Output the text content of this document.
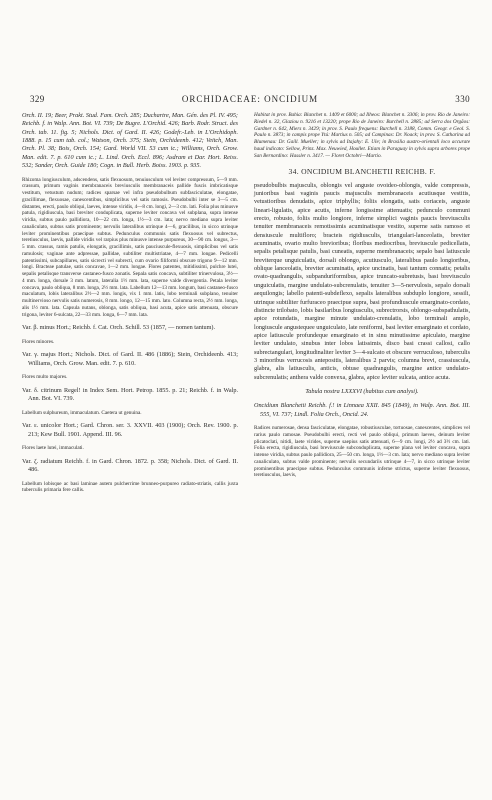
329	ORCHIDACEAE: ONCIDIUM	330

Orch. II. 19; Beer, Prakt. Stud. Fam. Orch. 285; Duchartre, Man. Gén. des Pl. IV. 495; Reichb. f. in Walp. Ann. Bot. VI. 739; De Bugre. L'Orchid. 426; Barb. Rodr. Struct. des Orch. tab. 11. fig. 5; Nichols. Dict. of Gard. II. 426; Godefr.-Leb. in L'Orchidoph. 1888. p. 15 cum tab. col.; Watson, Orch. 375; Stein, Orchideenb. 412; Veitch, Man. Orch. Pl. 38; Bois, Orch. 154; Gard. World VII. 53 cum ic.; Williams, Orch. Grow. Man. edit. 7. p. 610 cum ic.; L. Lind. Orch. Eccl. 896; Asdram et Dar. Hort. Reiss. 532; Sander, Orch. Guide 180; Cogn. in Bull. Herb. Boiss. 1903. p. 935.

Rhizoma longiusculum, adscendens, satis flexuosum, tenuiusculum vel leviter compressum, 5—9 mm. crassum, primum vaginis membranaceis breviusculis membranaceis pallide fuscis imbricatisque vestitum, vetustum nudum; radices sparsae vel infra pseudobulbum subfasciculatae, elongatae, gracillimae, flexuosae, canescentibus, simplicibus vel satis ramosis. Pseudobulbi inter se 3—5 cm. distantes, erecti, paulo obliqui, laeves, intense viridis, 4—8 cm. longi, 2—3 cm. lati. Folia plus minusve patula, rigidiuscula, basi breviter conduplicata, superne leviter concava vel subplana, supra intense viridia, subtus paulo pallidiora, 10—22 cm. longa, 1½—3 cm. lata; nervo mediano supra leviter canaliculato, subtus satis prominente; nervulis lateralibus utrinque 4—6, gracilibus, in sicco utrinque leviter prominentibus praecipue subtus. Pedunculus communis satis flexuosus vel subrectus, teretiusculus, laevis, pallide viridis vel rarpius plus minusve intense purpureus, 30—90 cm. longus, 3—5 mm. crassus, ramis patulis, elongatis, gracillimis, satis pauciuscule-flexuosis, simplicibus vel satis ramulosis; vaginae ante adpressae, pallidae, subtiliter multistriatae, 4—7 mm. longae. Pedicelli patentissimi, subcapillares, satis sicrecti vel subrecti, cum ovario filiformi obscure trigono 9—12 mm. longi. Bracteae patulae, satis concavae, 1—2 mm. longae. Flores patentes, mitidissimi, pulchre lutei, sepalis petalisque transverse castaneo-fusco zonatis. Sepala satis concava, subtiliter trinervulosa, 3½—4 mm. longa, dorsale 3 mm. latum, lateralia 1½ mm. lata, superne valde divergentia. Petala leviter concava, paulo obliqua, 8 mm. longa, 2½ mm. lata. Labellum 12—13 mm. longum, basi castaneo-fusco maculatum, lobis lateralibus 2½—2 mm. longis, vix 1 mm. latis, lobo terminali subplano, tenuiter multinervioso nervulis satis numerosis, 8 mm. longo, 12—15 mm. lato. Columna recta, 2½ mm. longa, alis 1½ mm. lata. Capsula nutans, oblonga, satis obliqua, basi acuta, apice satis attenuata, obscure trigona, leviter 6-sulcata, 22—33 mm. longa, 6—7 mm. lata.

Var. β. minus Hort.; Reichb. f. Cat. Orch. Schill. 53 (1857, — nomen tantum).

Flores minores.

Var. γ. majus Hort.; Nichols. Dict. of Gard. II. 486 (1886); Stein, Orchideenb. 413; Williams, Orch. Grow. Man. edit. 7. p. 610.

Flores multo majores.

Var. δ. citrinum Regel! in Index Sem. Hort. Petrop. 1855. p. 21; Reichb. f. in Walp. Ann. Bot. VI. 739.

Labellum sulphureum, immaculatum. Caetera ut genuina.

Var. ε. unicolor Hort.; Gard. Chron. ser. 3. XXVII. 403 (1900); Orch. Rev. 1900. p. 213; Kew Bull. 1901. Append. III. 96.

Flores laete lutei, immaculati.

Var. ζ. radiatum Reichb. f. in Gard. Chron. 1872. p. 358; Nichols. Dict. of Gard. II. 486.

Labellum lobisque ac basi laminae autem pulcherrime brunneo-purpureo radiato-striatis, callis juxta tuberculis primaria fere callis.

Habitat in prov. Bahia: Blanchet n. 1409 et 6000; ad Ilheos: Blanchet n. 3306; in prov. Rio de Janeiro: Riedel n. 32, Glaziou n. 9216 et 13220; prope Rio de Janeiro: Burchell n. 2885; ad Serra dos Orgãos: Gardner n. 642, Miers n. 3429; in prov. S. Paulo frequens: Burchell n. 3188, Comm. Geogr. e Geol. S. Paulo n. 3873; in campis prope Ytú: Martius n. 505; ad Campinas: Dr. Noack; in prov. S. Catharina ad Blumenau: Dr. Gaill. Mueller; in sylvis ad Itajahy: E. Ule; in Brasilia austro-orientali loco accurate haud indicato: Sellow, Prinz. Max. Neuwied, Houllet. Etiam in Paraguay in sylvis supra arbores prope San Bernardino: Hassler n. 3417. — Floret Octobri—Martio.

34. ONCIDIUM BLANCHETII REICHB. F.

pseudobulbis majusculis, oblongis vel anguste ovoideo-oblongis, valde compressis, junioribus basi vaginis paucis majusculis membranaceis acutiusque vestitis, vetustioribus denudatis, apice triphyllis; foliis elongatis, satis coriaceis, anguste lineari-ligulatis, apice acutis, inferne longissime attenuatis; pedunculo communi erecto, robusto, foliis multo longiore, inferne simplici vaginis paucis breviusculis tenuiter membranaceis remotissimis acuminatisque vestito, superne satis ramoso et densiuscule multifloro; bracteis rigidiusculis, triangulari-lanceolatis, breviter acuminatis, ovario multo brevioribus; floribus mediocribus, breviuscule pedicellatis, sepalis petalisque patulis, basi cuneatis, superne membranaceis; sepalo basi latiuscule breviterque unguiculatis, dorsali oblongo, acutiusculo, lateralibus paulo longioribus, oblique lanceolatis, breviter acuminatis, apice uncinatis, basi tantum connatis; petalis ovato-quadrangulis, subpanduriformibus, apice truncato-subretusis, basi breviusculo unguiculatis, margine undulato-subcrenulatis, tenuiter 3—5-nervulosis, sepalo dorsali aequilongis; labello patenti-subdeflexo, sepalis lateralibus subduplo longiore, sessili, utrinque subtiliter furfuraceo praecipue supra, basi profundiuscule emarginato-cordato, distincte trilobato, lobis basilaribus longiusculis, subrectrorsis, oblongo-subspathulatis, apice rotundatis, margine minute undulato-crenulatis, lobo terminali amplo, longiuscule angustequee unguiculato, late reniformi, basi leviter emarginato et cordato, apice latiuscule profundeque emarginato et in sinu minutissime apiculato, margine leviter undulato, sinubus inter lobos latissimis, disco basi crassi callosi, callo subrectangulari, longitudinaliter leviter 3—4-sulcato et obscure verruculoso, tuberculis 3 minoribus verrucosis antepositis, lateralibus 2 parvis; columna brevi, crassiuscula, glabra, alis latiusculis, anticis, obtuse quadrangulis, margine antice undulato-subcrenulatis; anthera valde convexa, glabra, apice leviter sulcata, antice acuta.

Tabula nostra LXXXVI (habitus cum analysi).

Oncidium Blanchetii Reichb. f.! in Linnaea XXII. 845 (1849), in Walp. Ann. Bot. III. 555, VI. 737; Lindl. Folia Orch., Oncid. 24.

Radices numerosae, densa fasciculatae, elongatae, robustiusculae, tortuosae, canescentes, simplices vel rarius paulo ramosae. Pseudobulbi erecti, recti vel paulo obliqui, primum laeves, deinum leviter plicatoclati, nitidi, laete virides, superne saepius satis attenuati, 6—9 cm. longi, 2½ ad 3½ cm. lati. Folia erecta, rigidiuscula, basi breviuscule subconduplicata, superne plana vel leviter concava, supra intense viridia, subtus paulo pallidiora, 25—50 cm. longa, 1½—3 cm. lata; nervo mediano supra leviter canaliculato, subtus valde prominente; nervulis secundariis utrinque 4—7, in sicco utrinque leviter prominentibus praecipue subtus. Pedunculus communis inferne strictus, superne leviter flexuosus, teretiusculus, laevis,
